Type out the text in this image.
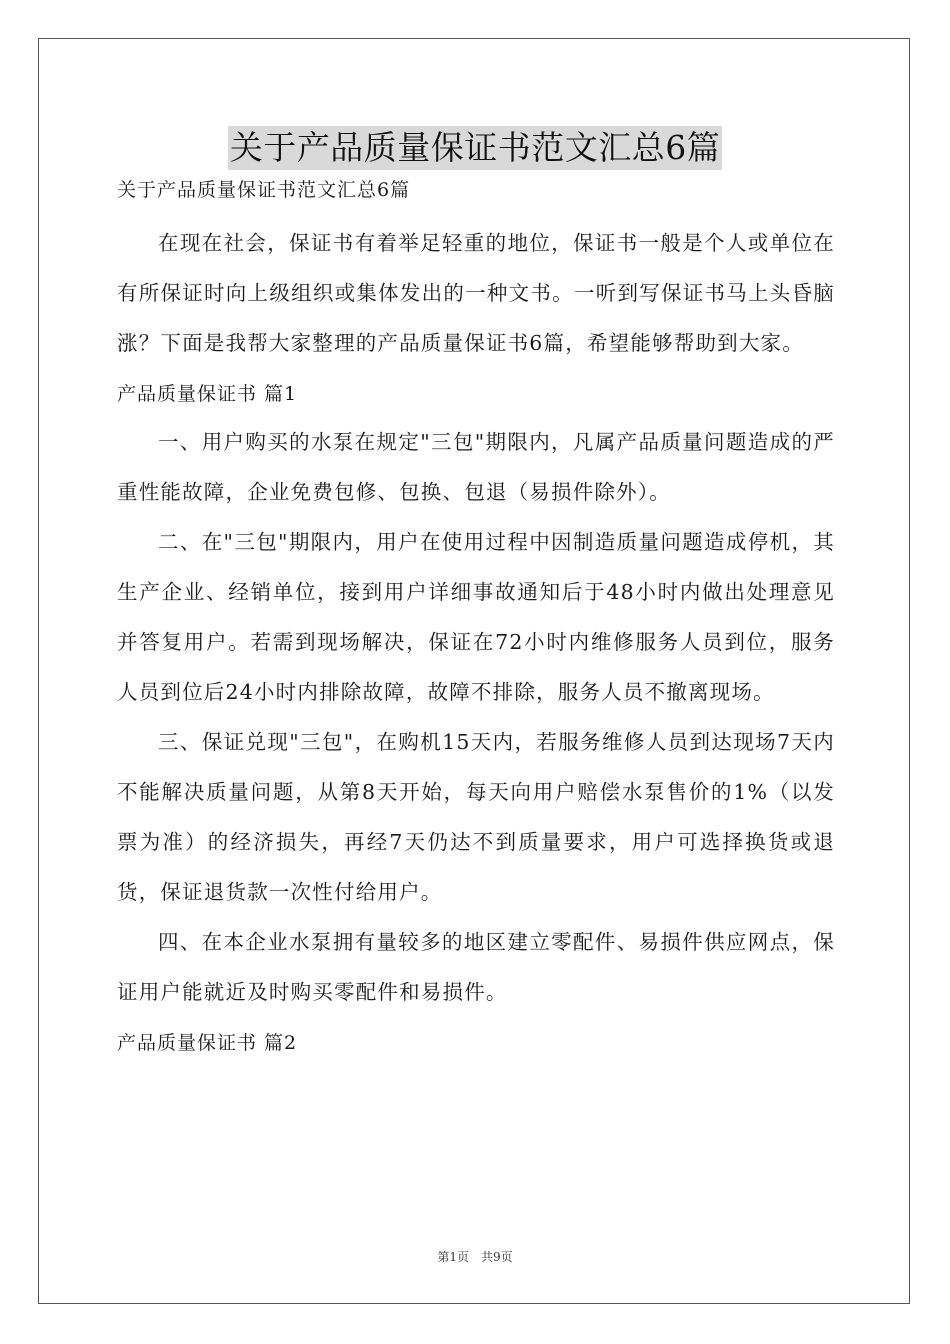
关于产品质量保证书范文汇总6篇
关于产品质量保证书范文汇总6篇

在现在社会，保证书有着举足轻重的地位，保证书一般是个人或单位在有所保证时向上级组织或集体发出的一种文书。一听到写保证书马上头昏脑涨？下面是我帮大家整理的产品质量保证书6篇，希望能够帮助到大家。

产品质量保证书 篇1

一、用户购买的水泵在规定"三包"期限内，凡属产品质量问题造成的严重性能故障，企业免费包修、包换、包退（易损件除外）。

二、在"三包"期限内，用户在使用过程中因制造质量问题造成停机，其生产企业、经销单位，接到用户详细事故通知后于48小时内做出处理意见并答复用户。若需到现场解决，保证在72小时内维修服务人员到位，服务人员到位后24小时内排除故障，故障不排除，服务人员不撤离现场。

三、保证兑现"三包"，在购机15天内，若服务维修人员到达现场7天内不能解决质量问题，从第8天开始，每天向用户赔偿水泵售价的1%（以发票为准）的经济损失，再经7天仍达不到质量要求，用户可选择换货或退货，保证退货款一次性付给用户。

四、在本企业水泵拥有量较多的地区建立零配件、易损件供应网点，保证用户能就近及时购买零配件和易损件。

产品质量保证书 篇2
第1页　共9页
